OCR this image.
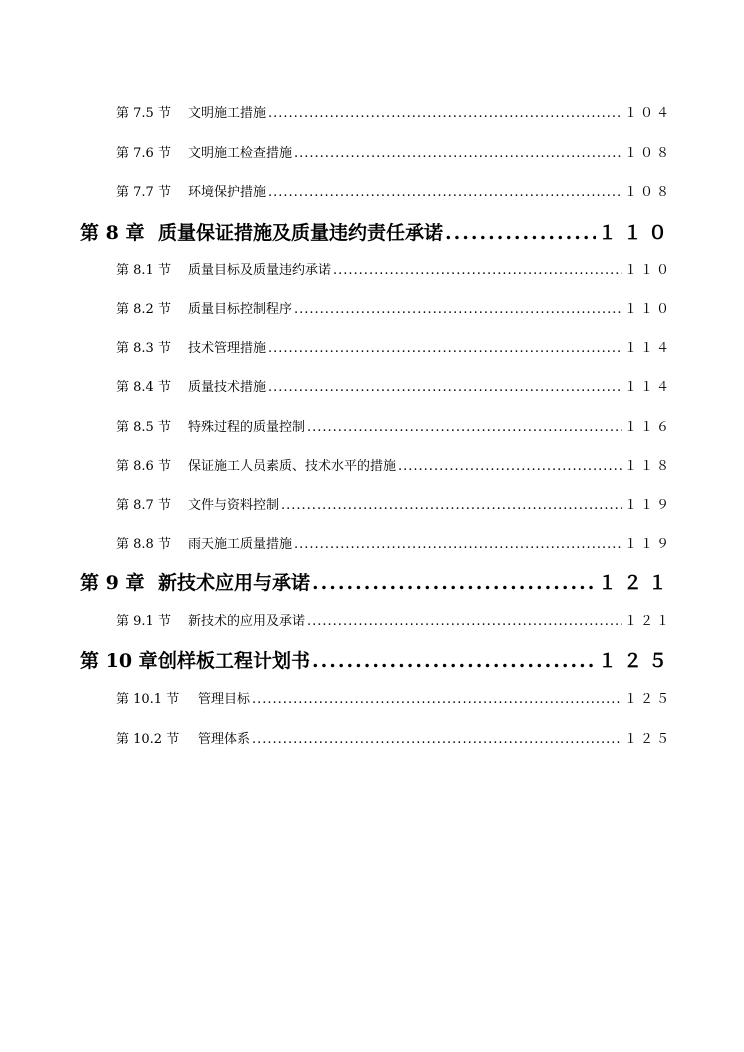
第 7.5 节	文明施工措施 .....	１０４
第 7.6 节	文明施工检查措施 .....	１０８
第 7.7 节	环境保护措施 .....	１０８
第 8 章 质量保证措施及质量违约责任承诺 .....	１１０
第 8.1 节	质量目标及质量违约承诺 .....	１１０
第 8.2 节	质量目标控制程序 .....	１１０
第 8.3 节	技术管理措施 .....	１１４
第 8.4 节	质量技术措施 .....	１１４
第 8.5 节	特殊过程的质量控制 .....	１１６
第 8.6 节	保证施工人员素质、技术水平的措施 .....	１１８
第 8.7 节	文件与资料控制 .....	１１９
第 8.8 节	雨天施工质量措施 .....	１１９
第 9 章 新技术应用与承诺 .....	１２１
第 9.1 节	新技术的应用及承诺 .....	１２１
第 10 章 创样板工程计划书 .....	１２５
第 10.1 节	管理目标 .....	１２５
第 10.2 节	管理体系 .....	１２５
